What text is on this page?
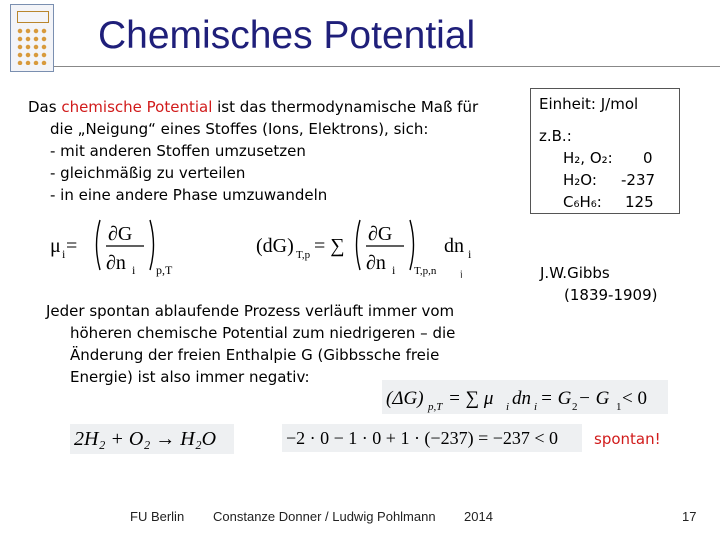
Chemisches Potential
Das chemische Potential ist das thermodynamische Maß für
die „Neigung“ eines Stoffes (Ions, Elektrons), sich:
- mit anderen Stoffen umzusetzen
- gleichmäßig zu verteilen
- in eine andere Phase umzuwandeln
Einheit: J/mol
z.B.:
H₂, O₂: 0
H₂O: -237
C₆H₆: 125
μ i =
∂G
∂n i p,T
(dG) T,p = ∑
∂G
∂n i T,p,n	j
dn i
J.W.Gibbs
(1839-1909)
Jeder spontan ablaufende Prozess verläuft immer vom
höheren chemische Potential zum niedrigeren – die
Änderung der freien Enthalpie G (Gibbssche freie
Energie) ist also immer negativ:
(ΔG) p,T = ∑ μ i dn i = G 2 − G 1 < 0
2H₂ + O₂ → H₂O	−2 · 0 − 1 · 0 + 1 · (−237) = −237 < 0	spontan!
FU Berlin Constanze Donner / Ludwig Pohlmann 2014	17
